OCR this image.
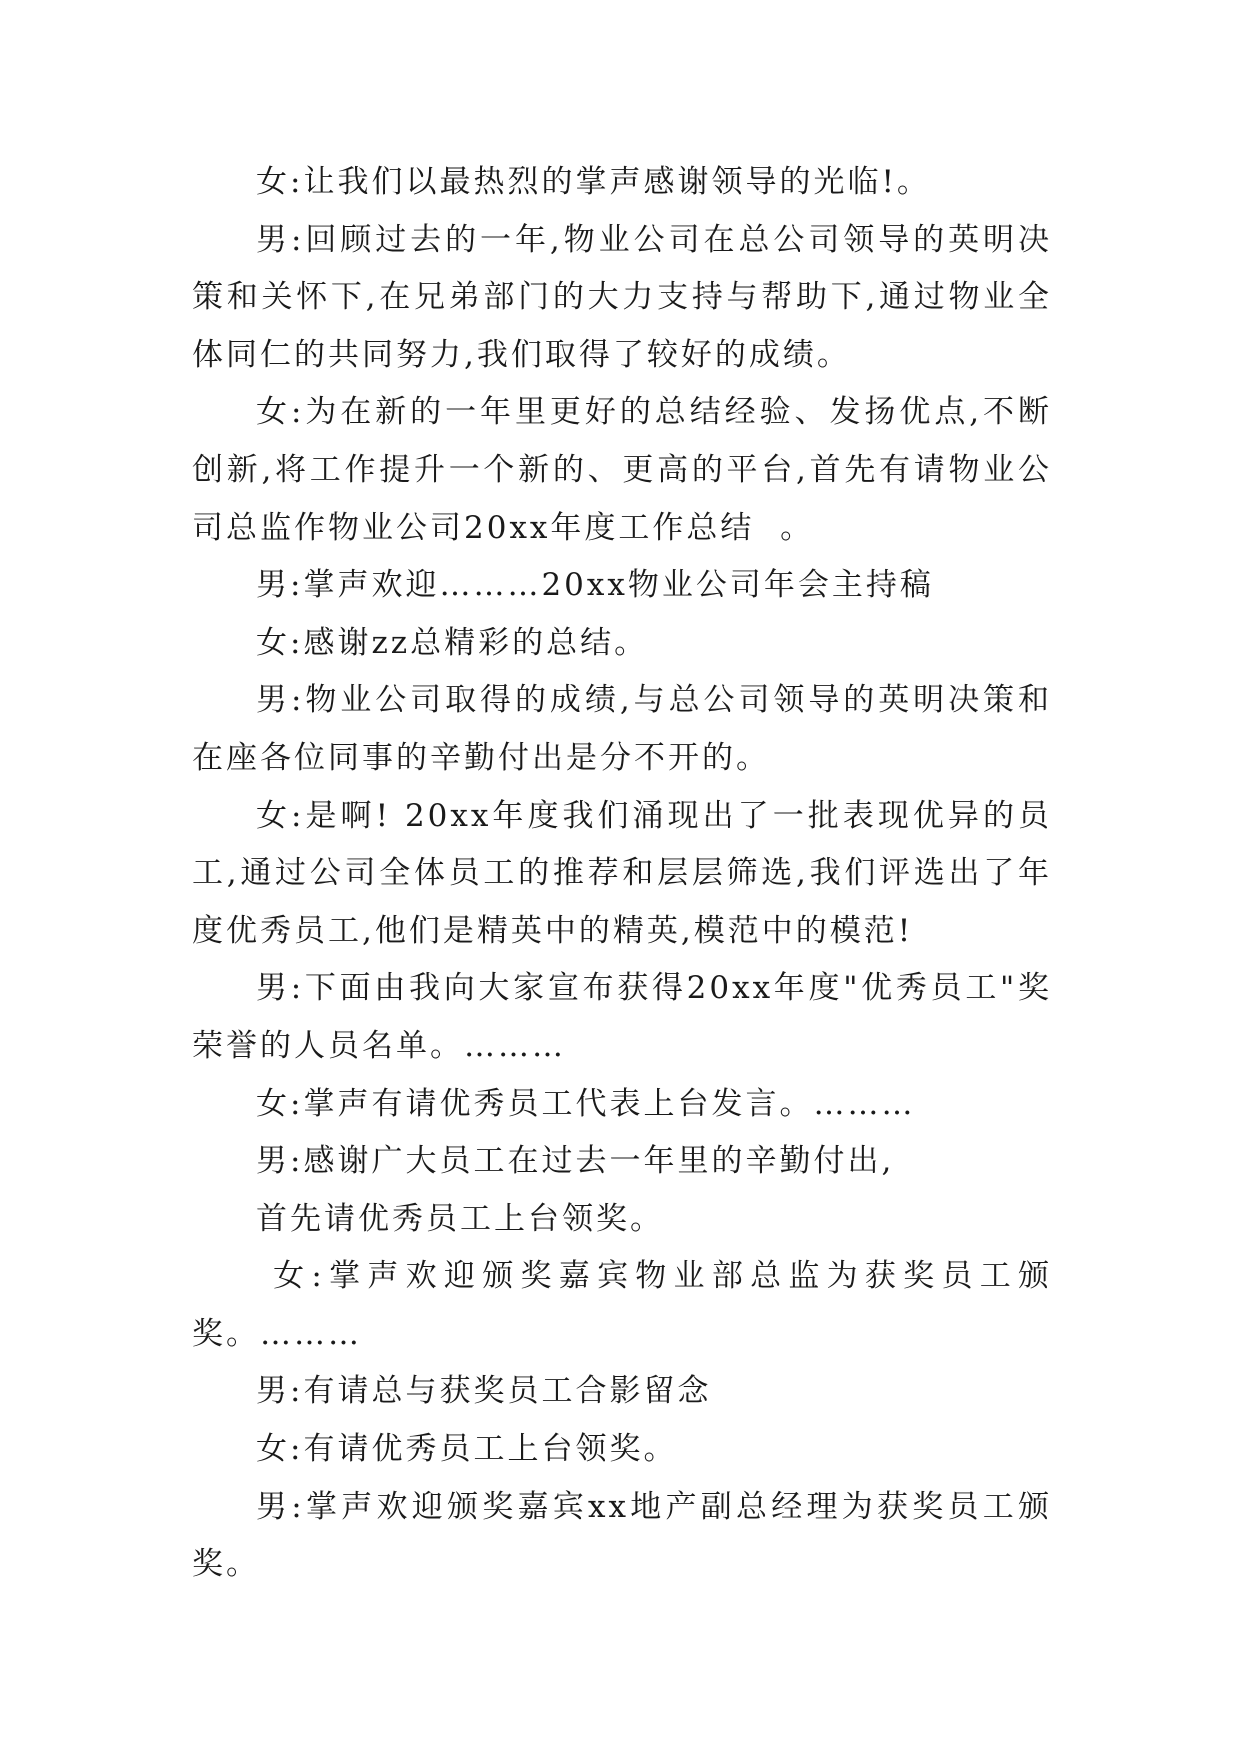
女:让我们以最热烈的掌声感谢领导的光临!。

男:回顾过去的一年,物业公司在总公司领导的英明决策和关怀下,在兄弟部门的大力支持与帮助下,通过物业全体同仁的共同努力,我们取得了较好的成绩。

女:为在新的一年里更好的总结经验、发扬优点,不断创新,将工作提升一个新的、更高的平台,首先有请物业公司总监作物业公司20xx年度工作总结  。

男:掌声欢迎………20xx物业公司年会主持稿

女:感谢zz总精彩的总结。

男:物业公司取得的成绩,与总公司领导的英明决策和在座各位同事的辛勤付出是分不开的。

女:是啊! 20xx年度我们涌现出了一批表现优异的员工,通过公司全体员工的推荐和层层筛选,我们评选出了年度优秀员工,他们是精英中的精英,模范中的模范!

男:下面由我向大家宣布获得20xx年度"优秀员工"奖荣誉的人员名单。………

女:掌声有请优秀员工代表上台发言。………

男:感谢广大员工在过去一年里的辛勤付出,

首先请优秀员工上台领奖。

女:掌声欢迎颁奖嘉宾物业部总监为获奖员工颁奖。………

男:有请总与获奖员工合影留念

女:有请优秀员工上台领奖。

男:掌声欢迎颁奖嘉宾xx地产副总经理为获奖员工颁奖。
